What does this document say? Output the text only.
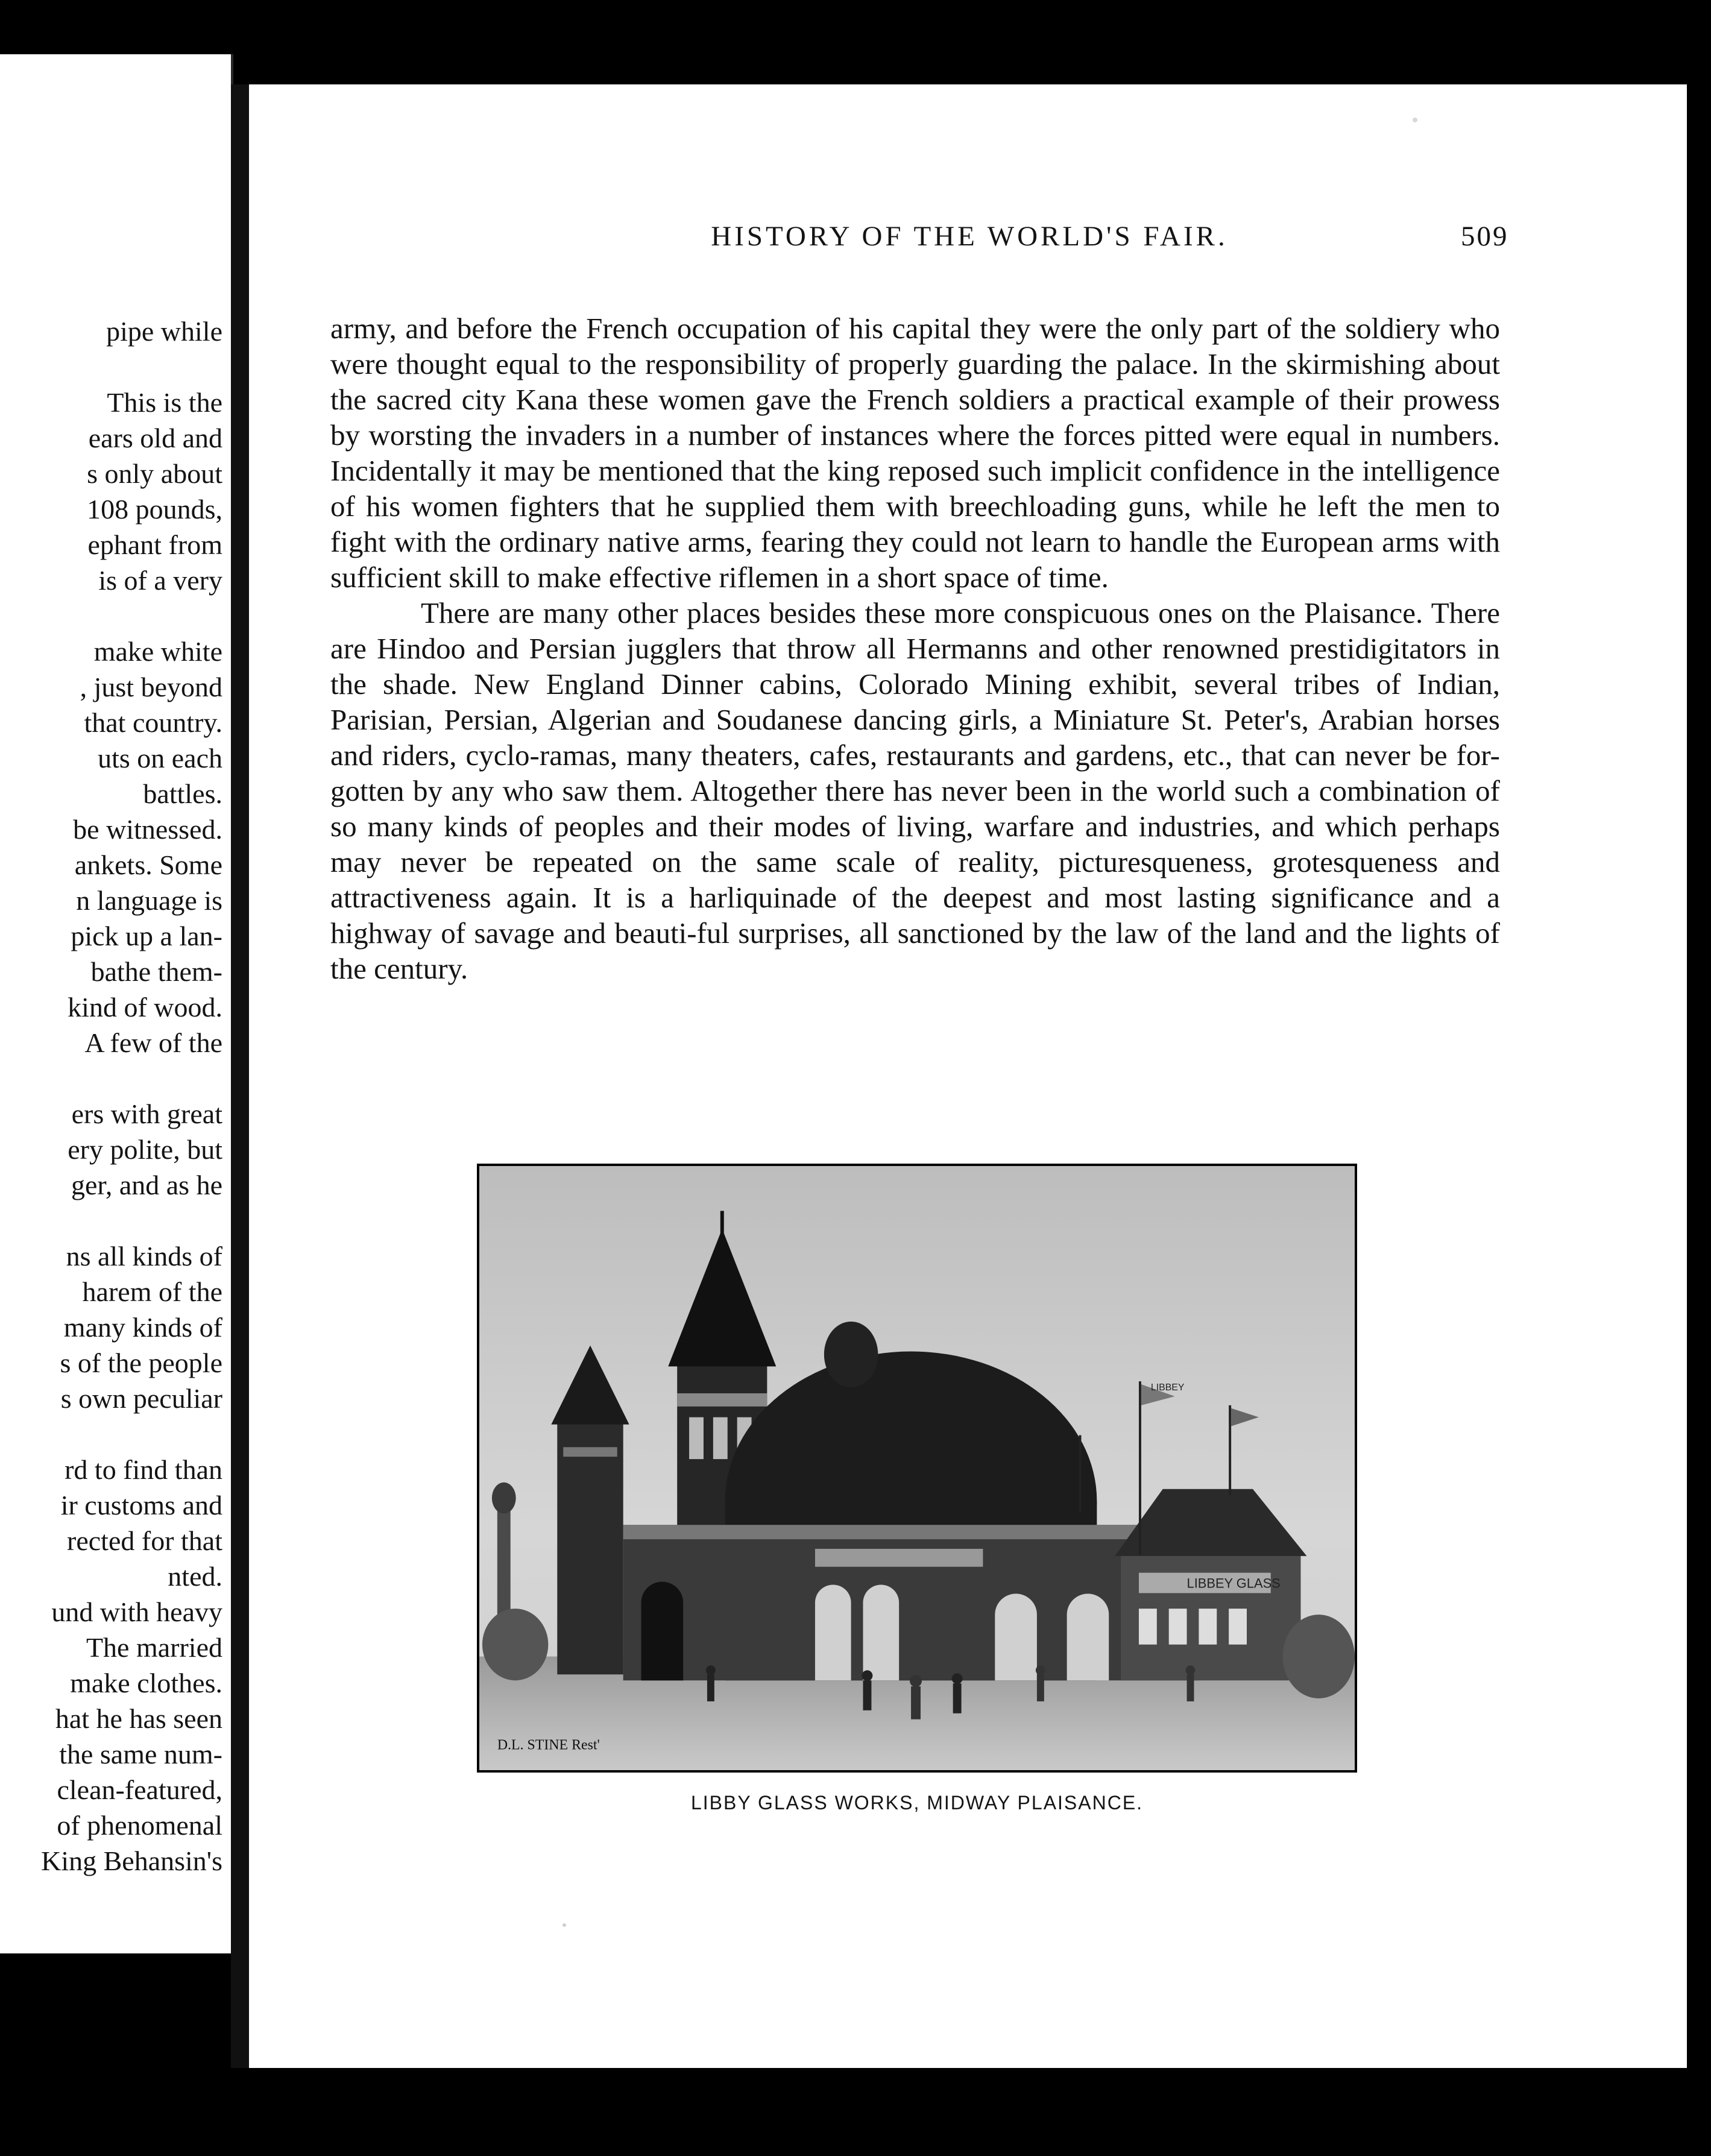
pipe while
This is the
ears old and
s only about
108 pounds,
ephant from
is of a very
make white
, just beyond
that country.
uts on each
battles.
be witnessed.
ankets. Some
n language is
pick up a lan-
bathe them-
kind of wood.
A few of the
ers with great
ery polite, but
ger, and as he
ns all kinds of
harem of the
many kinds of
s of the people
s own peculiar
rd to find than
ir customs and
rected for that
nted.
und with heavy
The married
make clothes.
hat he has seen
the same num-
clean-featured,
of phenomenal
King Behansin's
HISTORY OF THE WORLD'S FAIR.	509

army, and before the French occupation of his capital they were the only part of the soldiery who were thought equal to the responsibility of properly guarding the palace. In the skirmishing about the sacred city Kana these women gave the French soldiers a practical example of their prowess by worsting the invaders in a number of instances where the forces pitted were equal in numbers. Incidentally it may be mentioned that the king reposed such implicit confidence in the intelligence of his women fighters that he supplied them with breechloading guns, while he left the men to fight with the ordinary native arms, fearing they could not learn to handle the European arms with sufficient skill to make effective riflemen in a short space of time.

There are many other places besides these more conspicuous ones on the Plaisance. There are Hindoo and Persian jugglers that throw all Hermanns and other renowned prestidigitators in the shade. New England Dinner cabins, Colorado Mining exhibit, several tribes of Indian, Parisian, Persian, Algerian and Soudanese dancing girls, a Miniature St. Peter's, Arabian horses and riders, cyclo-ramas, many theaters, cafes, restaurants and gardens, etc., that can never be for-gotten by any who saw them. Altogether there has never been in the world such a combination of so many kinds of peoples and their modes of living, warfare and industries, and which perhaps may never be repeated on the same scale of reality, picturesqueness, grotesqueness and attractiveness again. It is a harliquinade of the deepest and most lasting significance and a highway of savage and beauti-ful surprises, all sanctioned by the law of the land and the lights of the century.

LIBBEY GLASS
LIBBEY
D.L. STINE Rest'
LIBBY GLASS WORKS, MIDWAY PLAISANCE.
